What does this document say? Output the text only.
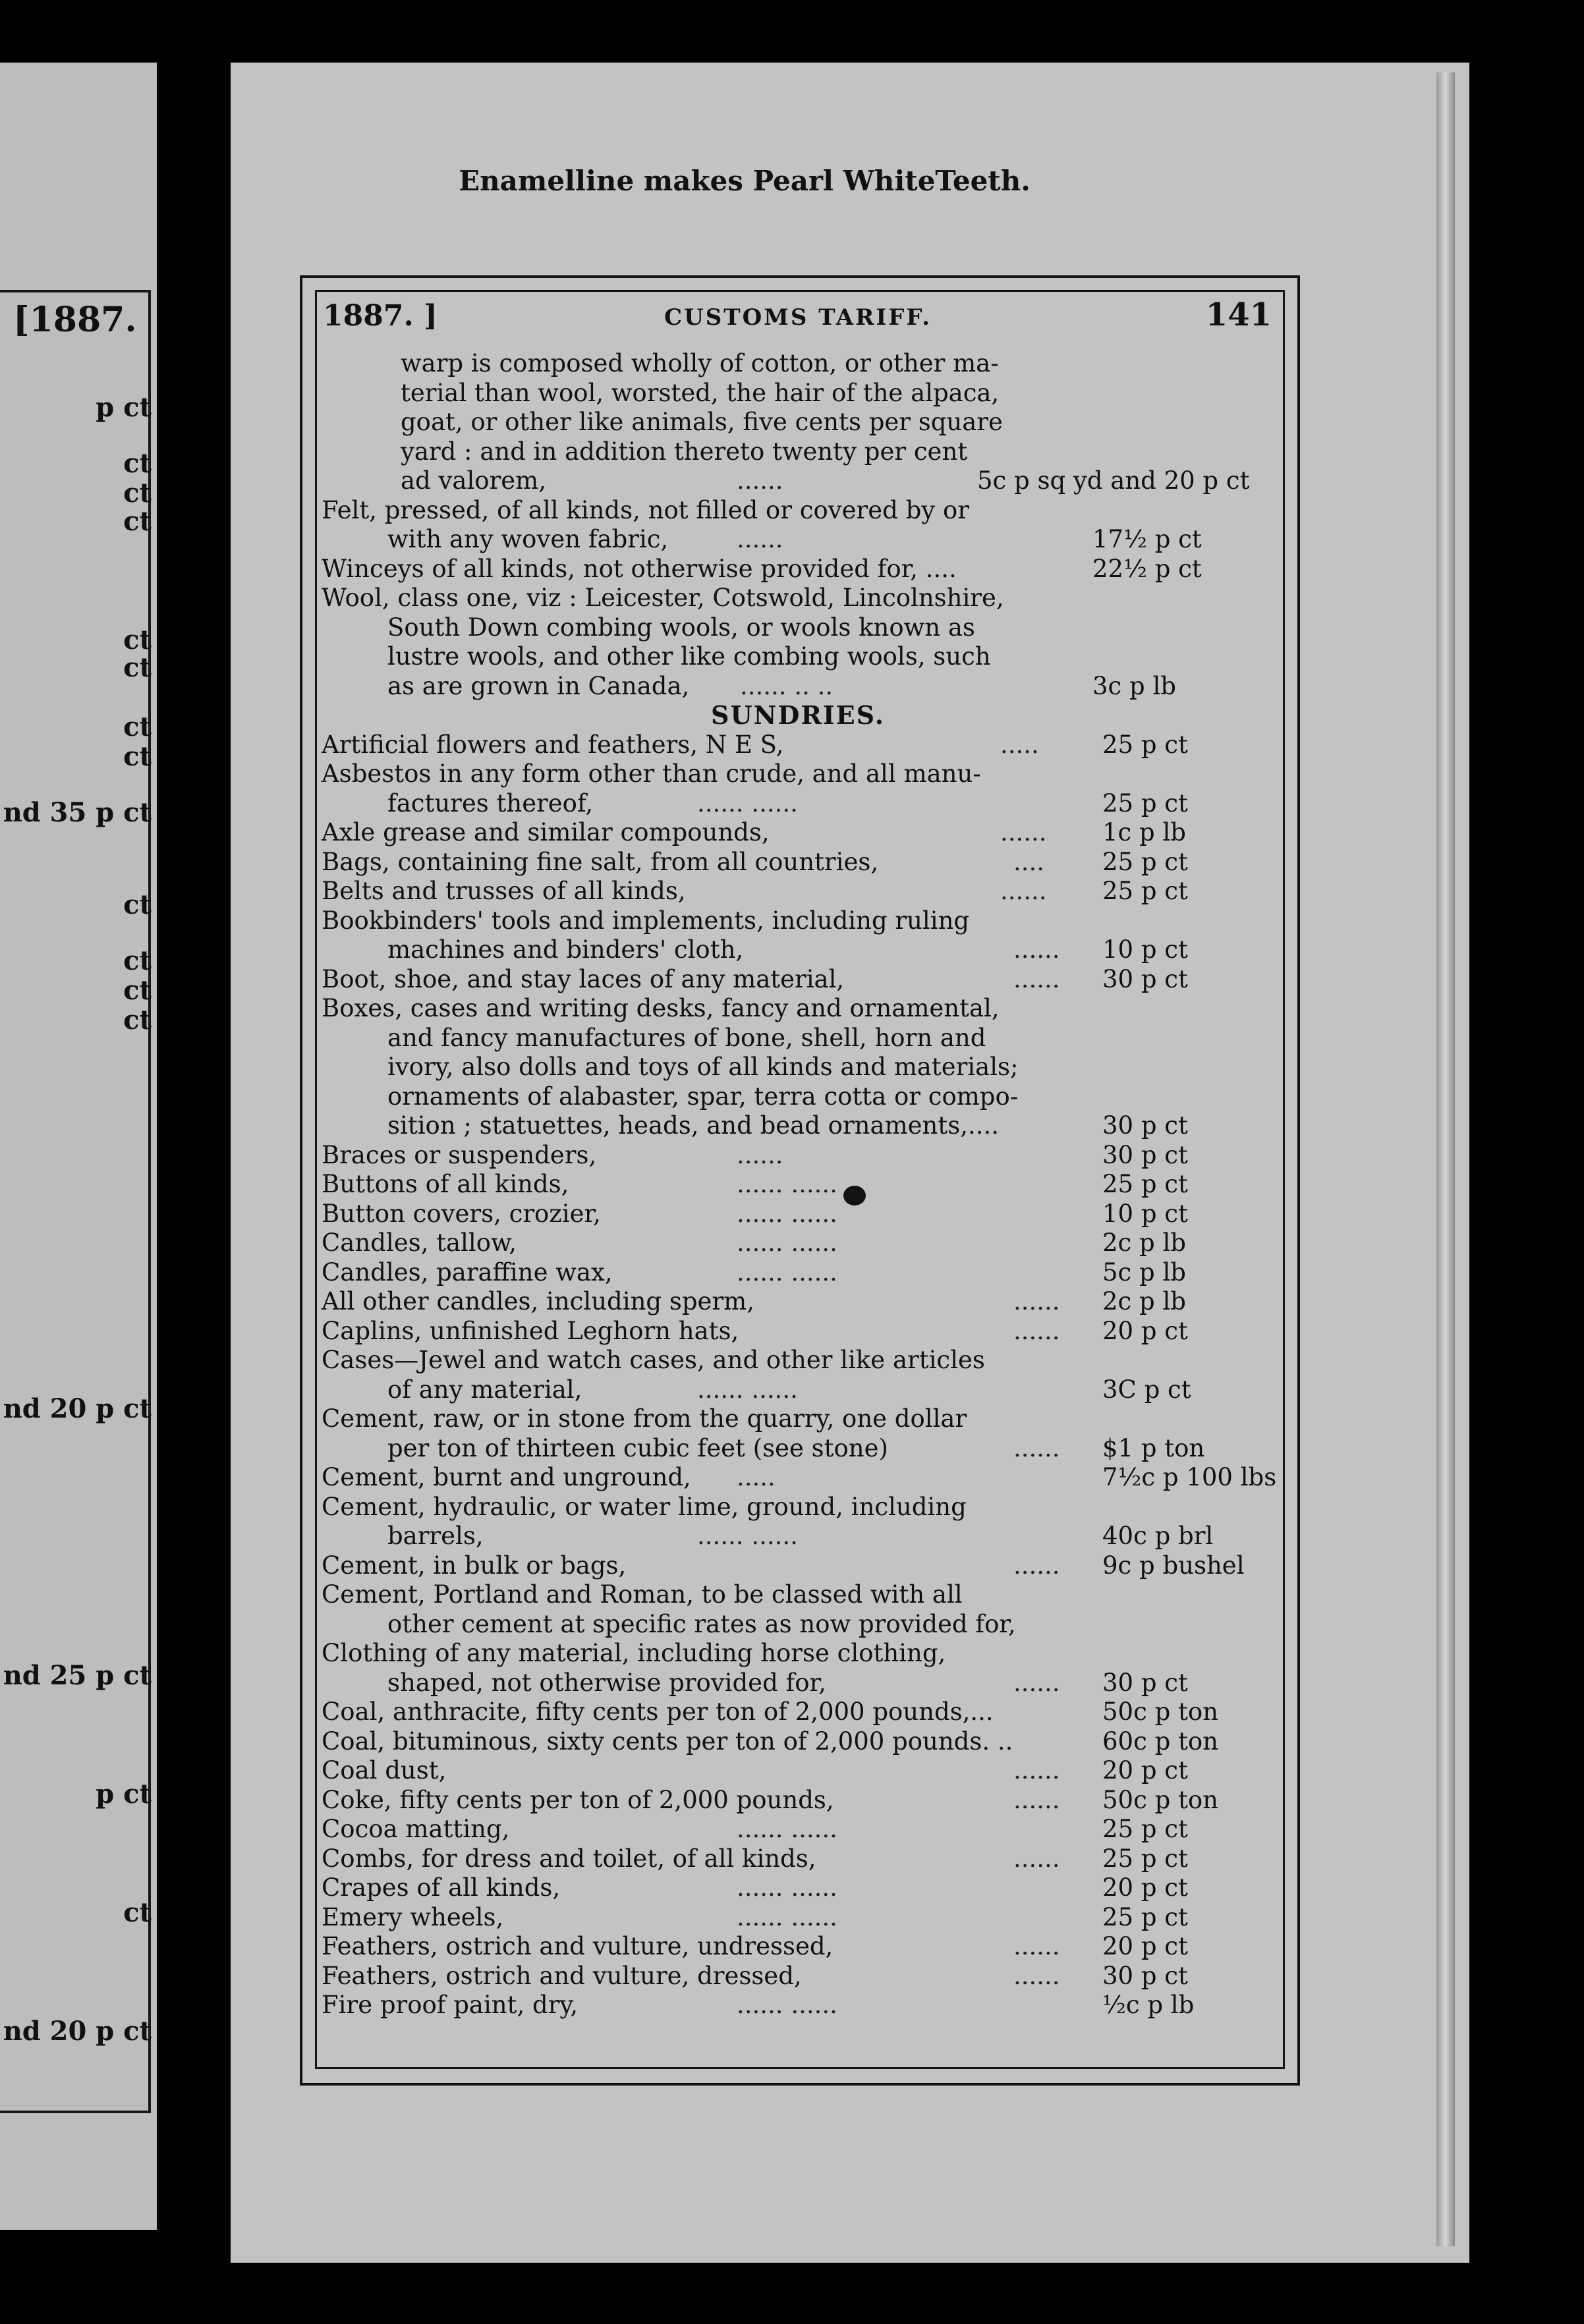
[1887.
p ct
ct
ct
ct
ct
ct
ct
ct
nd 35 p ct
ct
ct
ct
ct
nd 20 p ct
nd 25 p ct
p ct
ct
nd 20 p ct
Enamelline makes Pearl WhiteTeeth.
1887. ]	CUSTOMS TARIFF.	141
warp is composed wholly of cotton, or other ma-
terial than wool, worsted, the hair of the alpaca,
goat, or other like animals, five cents per square
yard : and in addition thereto twenty per cent
ad valorem,	......	5c p sq yd and 20 p ct
Felt, pressed, of all kinds, not filled or covered by or
with any woven fabric,	......	17½ p ct
Winceys of all kinds, not otherwise provided for, ....	22½ p ct
Wool, class one, viz : Leicester, Cotswold, Lincolnshire,
South Down combing wools, or wools known as
lustre wools, and other like combing wools, such
as are grown in Canada, ...... .. ..	3c p lb
SUNDRIES.
Artificial flowers and feathers, N E S,	.....	25 p ct
Asbestos in any form other than crude, and all manu-
factures thereof,	...... ......	25 p ct
Axle grease and similar compounds,	...... 1c p lb
Bags, containing fine salt, from all countries,	.... 25 p ct
Belts and trusses of all kinds,	...... 25 p ct
Bookbinders' tools and implements, including ruling
machines and binders' cloth,	...... 10 p ct
Boot, shoe, and stay laces of any material,	...... 30 p ct
Boxes, cases and writing desks, fancy and ornamental,
and fancy manufactures of bone, shell, horn and
ivory, also dolls and toys of all kinds and materials;
ornaments of alabaster, spar, terra cotta or compo-
sition ; statuettes, heads, and bead ornaments,....	30 p ct
Braces or suspenders,	......	30 p ct
Buttons of all kinds,	...... ......	25 p ct
Button covers, crozier,	...... ......	10 p ct
Candles, tallow,	...... ......	2c p lb
Candles, paraffine wax,	...... ......	5c p lb
All other candles, including sperm,	...... 2c p lb
Caplins, unfinished Leghorn hats,	...... 20 p ct
Cases—Jewel and watch cases, and other like articles
of any material,	...... ......	3C p ct
Cement, raw, or in stone from the quarry, one dollar
per ton of thirteen cubic feet (see stone)	...... $1 p ton
Cement, burnt and unground, .....	7½c p 100 lbs
Cement, hydraulic, or water lime, ground, including
barrels,	...... ......	40c p brl
Cement, in bulk or bags,	...... 9c p bushel
Cement, Portland and Roman, to be classed with all
other cement at specific rates as now provided for,
Clothing of any material, including horse clothing,
shaped, not otherwise provided for,	...... 30 p ct
Coal, anthracite, fifty cents per ton of 2,000 pounds,...	50c p ton
Coal, bituminous, sixty cents per ton of 2,000 pounds. ..	60c p ton
Coal dust,	...... 20 p ct
Coke, fifty cents per ton of 2,000 pounds,	...... 50c p ton
Cocoa matting,	...... ......	25 p ct
Combs, for dress and toilet, of all kinds,	...... 25 p ct
Crapes of all kinds,	...... ......	20 p ct
Emery wheels,	...... ......	25 p ct
Feathers, ostrich and vulture, undressed,	...... 20 p ct
Feathers, ostrich and vulture, dressed,	...... 30 p ct
Fire proof paint, dry,	...... ......	½c p lb
